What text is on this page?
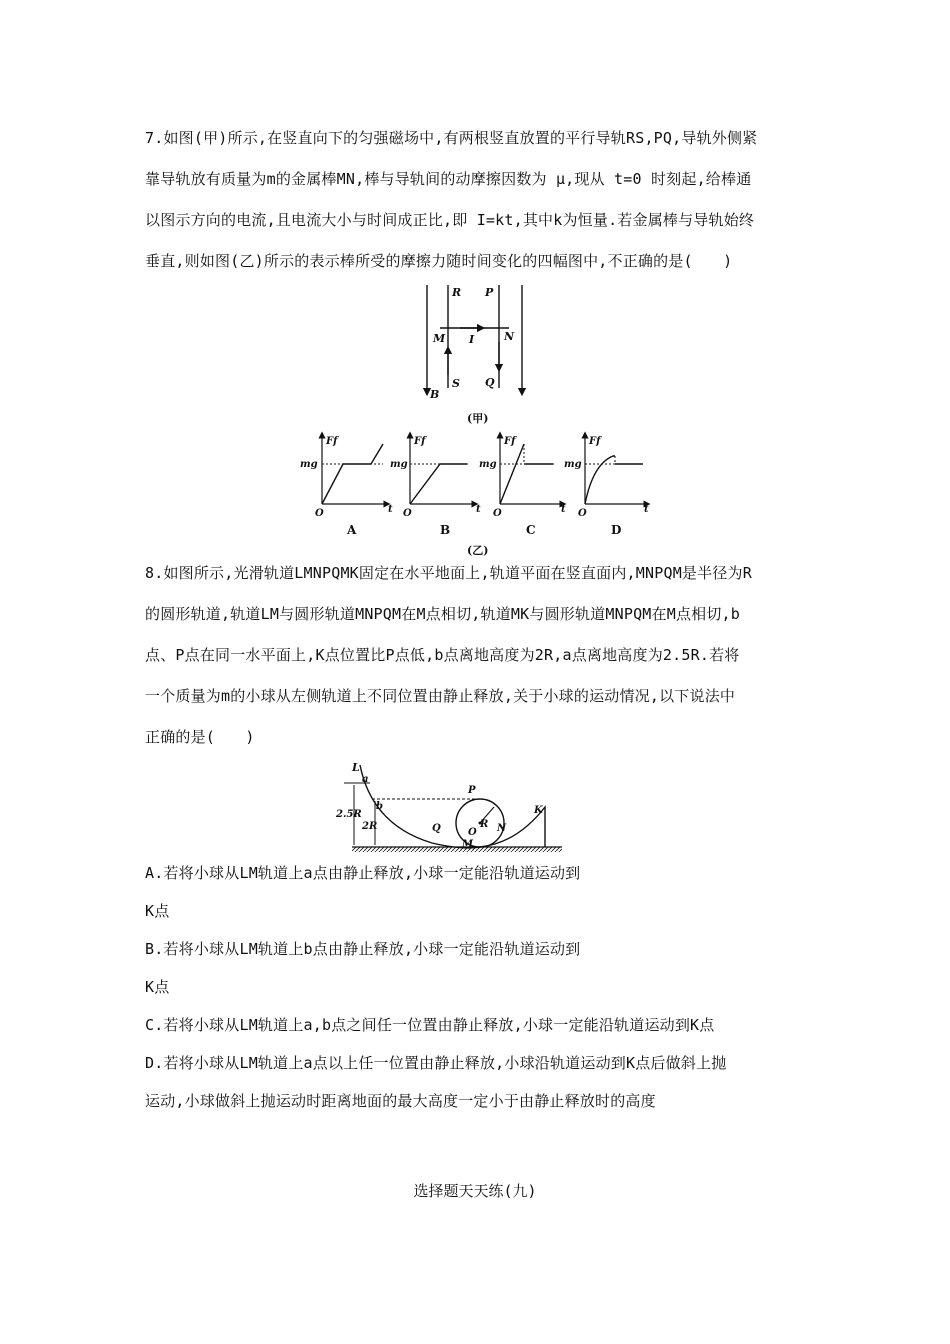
7.如图(甲)所示,在竖直向下的匀强磁场中,有两根竖直放置的平行导轨RS,PQ,导轨外侧紧
靠导轨放有质量为m的金属棒MN,棒与导轨间的动摩擦因数为 μ,现从 t=0 时刻起,给棒通
以图示方向的电流,且电流大小与时间成正比,即 I=kt,其中k为恒量.若金属棒与导轨始终
垂直,则如图(乙)所示的表示棒所受的摩擦力随时间变化的四幅图中,不正确的是(　　)
R P
M	N
I
S Q
B
(甲)
Ff
mg
t
O
A
Ff
mg
t
O
B
Ff
mg
t
O
C
Ff
mg
t
O
D
(乙)
8.如图所示,光滑轨道LMNPQMK固定在水平地面上,轨道平面在竖直面内,MNPQM是半径为R
的圆形轨道,轨道LM与圆形轨道MNPQM在M点相切,轨道MK与圆形轨道MNPQM在M点相切,b
点、P点在同一水平面上,K点位置比P点低,b点离地高度为2R,a点离地高度为2.5R.若将
一个质量为m的小球从左侧轨道上不同位置由静止释放,关于小球的运动情况,以下说法中
正确的是(　　)
L
a
b
P
K
2.5R
2R	Q	R N
O
M
A.若将小球从LM轨道上a点由静止释放,小球一定能沿轨道运动到
K点
B.若将小球从LM轨道上b点由静止释放,小球一定能沿轨道运动到
K点
C.若将小球从LM轨道上a,b点之间任一位置由静止释放,小球一定能沿轨道运动到K点
D.若将小球从LM轨道上a点以上任一位置由静止释放,小球沿轨道运动到K点后做斜上抛
运动,小球做斜上抛运动时距离地面的最大高度一定小于由静止释放时的高度
选择题天天练(九)
